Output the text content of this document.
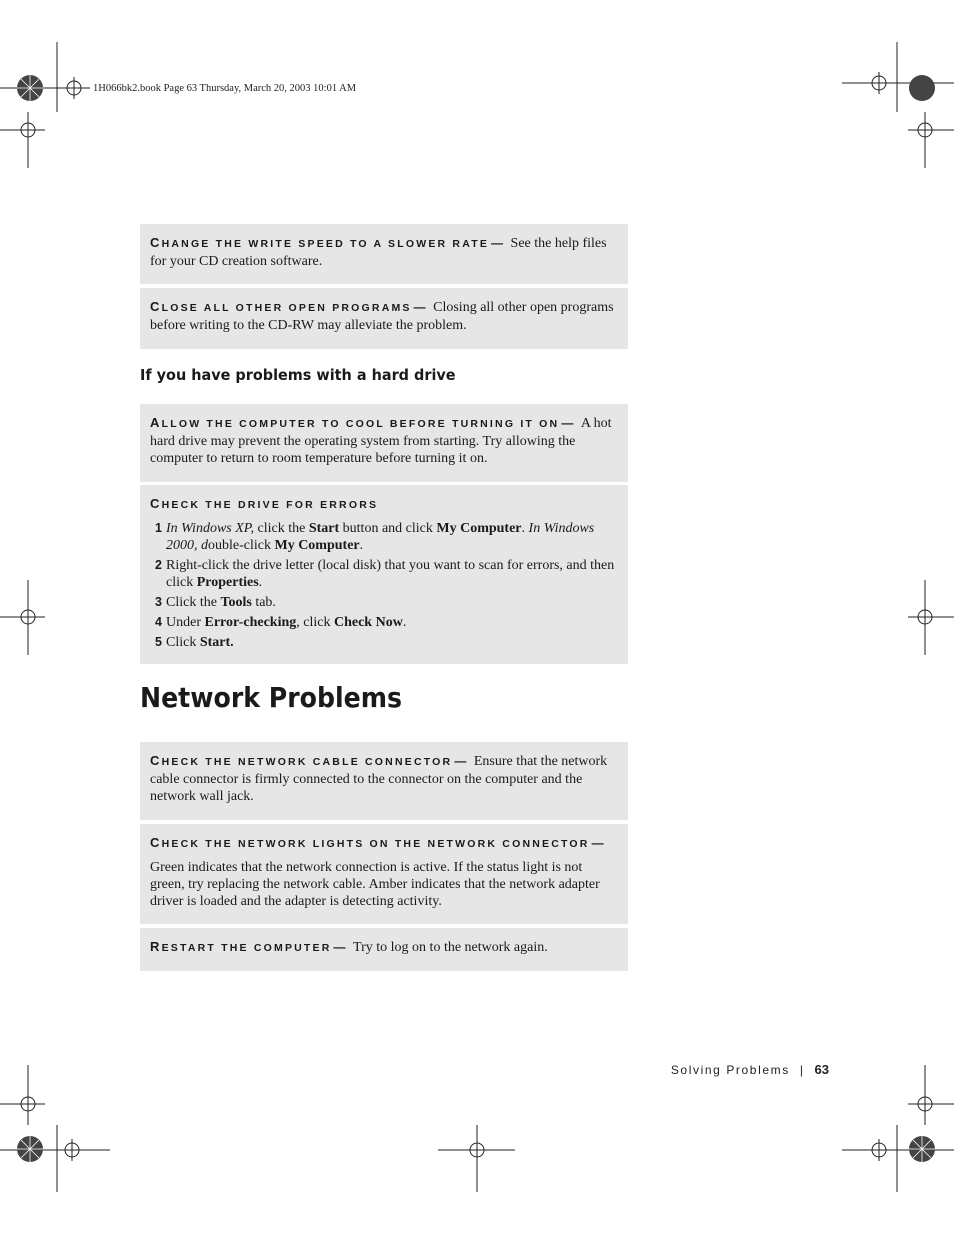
1H066bk2.book Page 63 Thursday, March 20, 2003 10:01 AM
CHANGE THE WRITE SPEED TO A SLOWER RATE — See the help files for your CD creation software.
CLOSE ALL OTHER OPEN PROGRAMS — Closing all other open programs before writing to the CD-RW may alleviate the problem.
If you have problems with a hard drive
ALLOW THE COMPUTER TO COOL BEFORE TURNING IT ON — A hot hard drive may prevent the operating system from starting. Try allowing the computer to return to room temperature before turning it on.
CHECK THE DRIVE FOR ERRORS
1 In Windows XP, click the Start button and click My Computer. In Windows 2000, double-click My Computer.
2 Right-click the drive letter (local disk) that you want to scan for errors, and then click Properties.
3 Click the Tools tab.
4 Under Error-checking, click Check Now.
5 Click Start.
Network Problems
CHECK THE NETWORK CABLE CONNECTOR — Ensure that the network cable connector is firmly connected to the connector on the computer and the network wall jack.
CHECK THE NETWORK LIGHTS ON THE NETWORK CONNECTOR —
Green indicates that the network connection is active. If the status light is not green, try replacing the network cable. Amber indicates that the network adapter driver is loaded and the adapter is detecting activity.
RESTART THE COMPUTER — Try to log on to the network again.
Solving Problems | 63
